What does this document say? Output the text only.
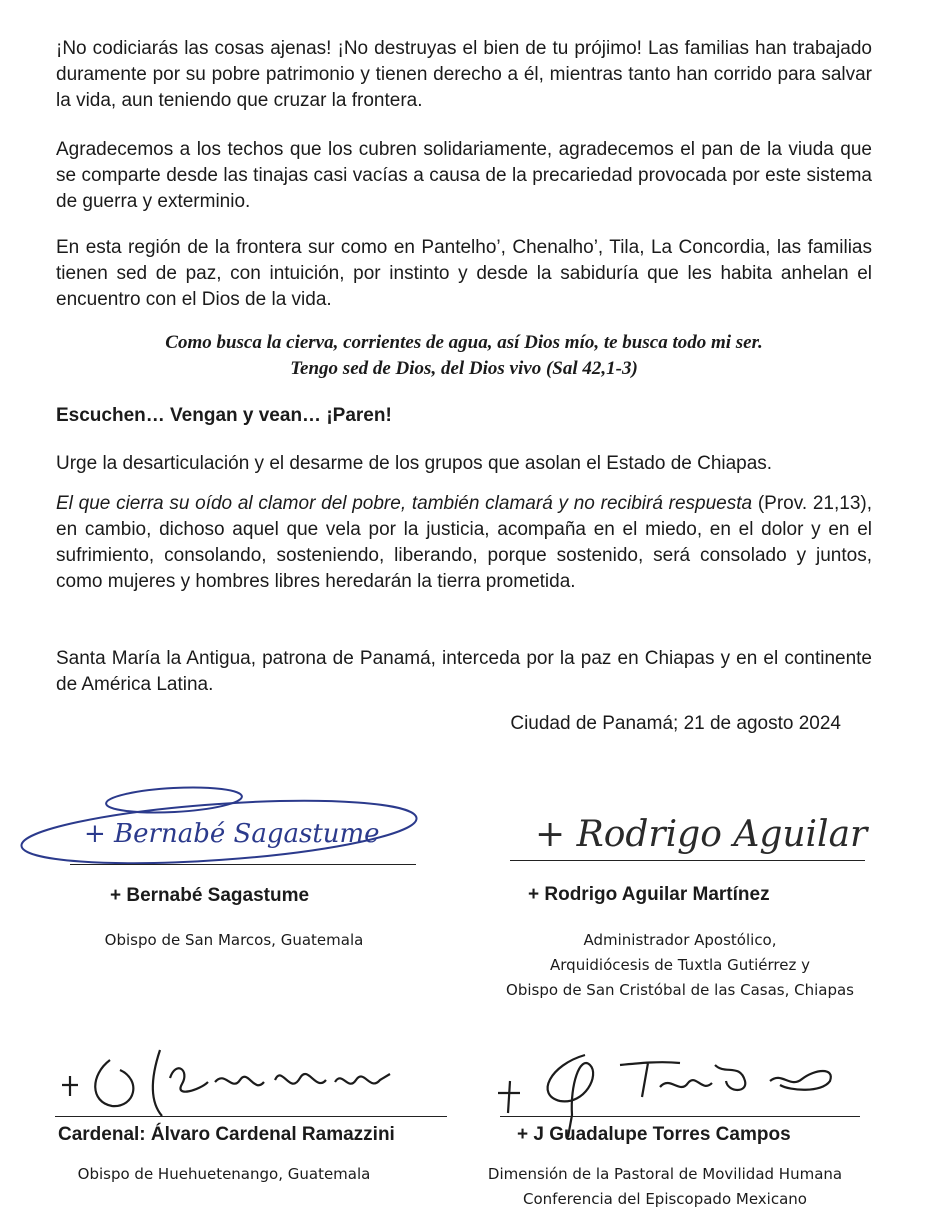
¡No codiciarás las cosas ajenas! ¡No destruyas el bien de tu prójimo! Las familias han trabajado duramente por su pobre patrimonio y tienen derecho a él, mientras tanto han corrido para salvar la vida, aun teniendo que cruzar la frontera.

Agradecemos a los techos que los cubren solidariamente, agradecemos el pan de la viuda que se comparte desde las tinajas casi vacías a causa de la precariedad provocada por este sistema de guerra y exterminio.

En esta región de la frontera sur como en Pantelho’, Chenalho’, Tila, La Concordia, las familias tienen sed de paz, con intuición, por instinto y desde la sabiduría que les habita anhelan el encuentro con el Dios de la vida.

Como busca la cierva, corrientes de agua, así Dios mío, te busca todo mi ser.

Tengo sed de Dios, del Dios vivo (Sal 42,1-3)

Escuchen… Vengan y vean… ¡Paren!

Urge la desarticulación y el desarme de los grupos que asolan el Estado de Chiapas.

El que cierra su oído al clamor del pobre, también clamará y no recibirá respuesta (Prov. 21,13), en cambio, dichoso aquel que vela por la justicia, acompaña en el miedo, en el dolor y en el sufrimiento, consolando, sosteniendo, liberando, porque sostenido, será consolado y juntos, como mujeres y hombres libres heredarán la tierra prometida.

Santa María la Antigua, patrona de Panamá, interceda por la paz en Chiapas y en el continente de América Latina.

Ciudad de Panamá; 21 de agosto 2024

+ Bernabé Sagastume

+ Bernabé Sagastume

Obispo de San Marcos, Guatemala

+ Rodrigo Aguilar

+ Rodrigo Aguilar Martínez

Administrador Apostólico,
Arquidiócesis de Tuxtla Gutiérrez y
Obispo de San Cristóbal de las Casas, Chiapas

Cardenal: Álvaro Cardenal Ramazzini

Obispo de Huehuetenango, Guatemala

+ J Guadalupe Torres Campos

Dimensión de la Pastoral de Movilidad Humana
Conferencia del Episcopado Mexicano
